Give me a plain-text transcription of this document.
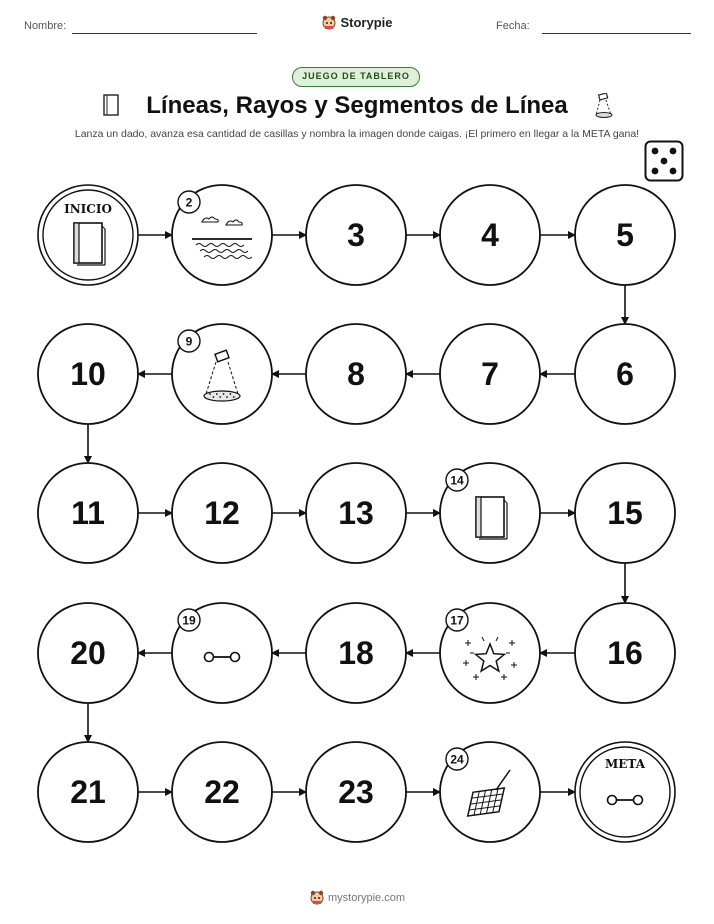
Nombre:	Storypie	Fecha:
JUEGO DE TABLERO
Líneas, Rayos y Segmentos de Línea
Lanza un dado, avanza esa cantidad de casillas y nombra la imagen donde caigas. ¡El primero en llegar a la META gana!
INICIO	2
3	4	5
6
7
8
9
10
11	12	13
14
15
16
17
18
19
20
21	22	23
24	META
mystorypie.com
